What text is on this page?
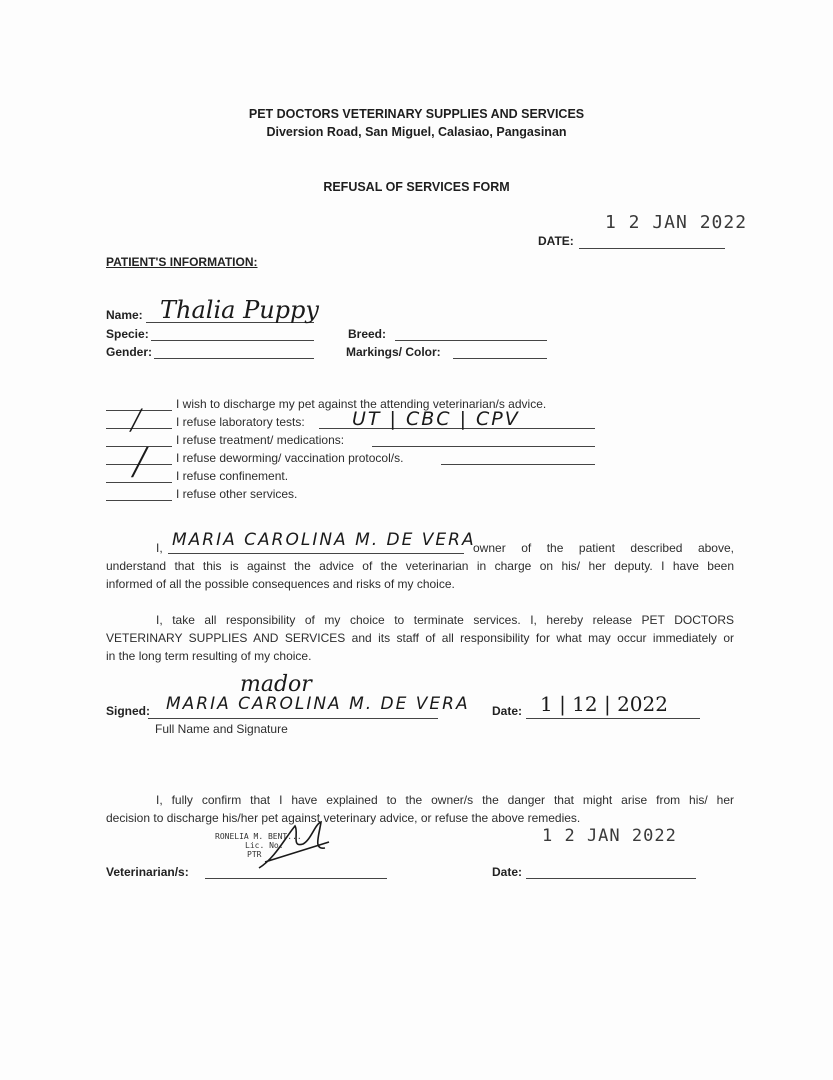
PET DOCTORS VETERINARY SUPPLIES AND SERVICES
Diversion Road, San Miguel, Calasiao, Pangasinan
REFUSAL OF SERVICES FORM
1 2 JAN 2022
DATE:
PATIENT'S INFORMATION:
Name: Thalia Puppy
Specie:
Gender:
Breed:
Markings/ Color:
I wish to discharge my pet against the attending veterinarian/s advice.
╱	I refuse laboratory tests: UT | CBC | CPV
I refuse treatment/ medications:
╱ I refuse deworming/ vaccination protocol/s.
I refuse confinement.
I refuse other services.
I, MARIA CAROLINA M. DE VERA
owner of the patient described above,
understand that this is against the advice of the veterinarian in charge on his/ her deputy. I have been
informed of all the possible consequences and risks of my choice.
I, take all responsibility of my choice to terminate services. I, hereby release PET DOCTORS
VETERINARY SUPPLIES AND SERVICES and its staff of all responsibility for what may occur immediately or
in the long term resulting of my choice.
mador
Signed: MARIA CAROLINA M. DE VERA
Full Name and Signature
Date: 1 | 12 | 2022
I, fully confirm that I have explained to the owner/s the danger that might arise from his/ her
decision to discharge his/her pet against veterinary advice, or refuse the above remedies.
RONELIA M. BENT...
Lic. No.
PTR
1 2 JAN 2022
Veterinarian/s:	Date:
